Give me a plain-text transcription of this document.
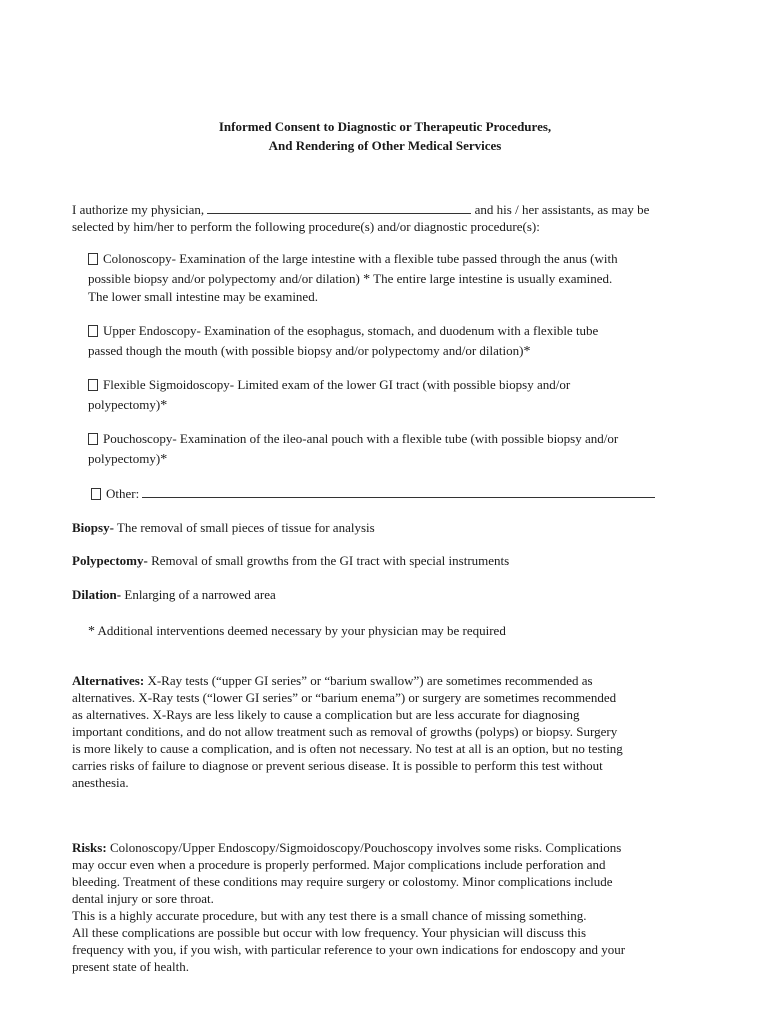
Informed Consent to Diagnostic or Therapeutic Procedures,
And Rendering of Other Medical Services
I authorize my physician,	and his / her assistants, as may be
selected by him/her to perform the following procedure(s) and/or diagnostic procedure(s):
Colonoscopy- Examination of the large intestine with a flexible tube passed through the anus (with
possible biopsy and/or polypectomy and/or dilation) * The entire large intestine is usually examined.
The lower small intestine may be examined.
Upper Endoscopy- Examination of the esophagus, stomach, and duodenum with a flexible tube
passed though the mouth (with possible biopsy and/or polypectomy and/or dilation)*
Flexible Sigmoidoscopy- Limited exam of the lower GI tract (with possible biopsy and/or
polypectomy)*
Pouchoscopy- Examination of the ileo-anal pouch with a flexible tube (with possible biopsy and/or
polypectomy)*
Other:
Biopsy- The removal of small pieces of tissue for analysis
Polypectomy- Removal of small growths from the GI tract with special instruments
Dilation- Enlarging of a narrowed area
* Additional interventions deemed necessary by your physician may be required
Alternatives: X-Ray tests (“upper GI series” or “barium swallow”) are sometimes recommended as
alternatives. X-Ray tests (“lower GI series” or “barium enema”) or surgery are sometimes recommended
as alternatives. X-Rays are less likely to cause a complication but are less accurate for diagnosing
important conditions, and do not allow treatment such as removal of growths (polyps) or biopsy. Surgery
is more likely to cause a complication, and is often not necessary. No test at all is an option, but no testing
carries risks of failure to diagnose or prevent serious disease. It is possible to perform this test without
anesthesia.
Risks: Colonoscopy/Upper Endoscopy/Sigmoidoscopy/Pouchoscopy involves some risks. Complications
may occur even when a procedure is properly performed. Major complications include perforation and
bleeding. Treatment of these conditions may require surgery or colostomy. Minor complications include
dental injury or sore throat.
This is a highly accurate procedure, but with any test there is a small chance of missing something.
All these complications are possible but occur with low frequency. Your physician will discuss this
frequency with you, if you wish, with particular reference to your own indications for endoscopy and your
present state of health.
